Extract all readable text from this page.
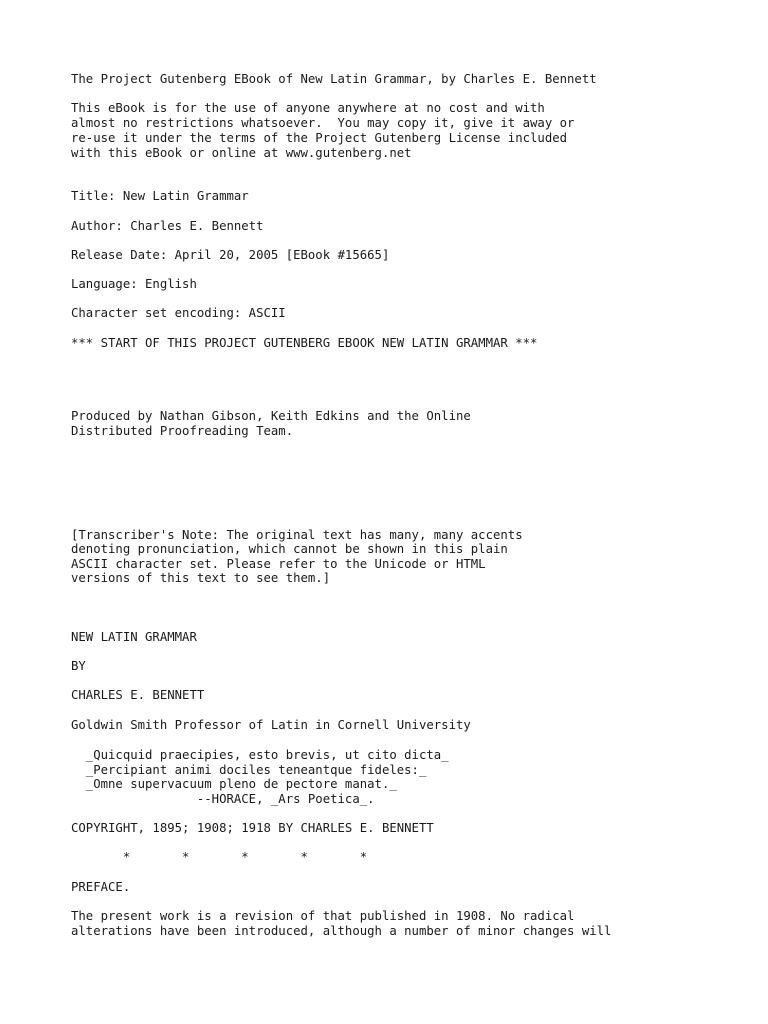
The Project Gutenberg EBook of New Latin Grammar, by Charles E. Bennett
This eBook is for the use of anyone anywhere at no cost and with
almost no restrictions whatsoever.  You may copy it, give it away or
re-use it under the terms of the Project Gutenberg License included
with this eBook or online at www.gutenberg.net
Title: New Latin Grammar
Author: Charles E. Bennett
Release Date: April 20, 2005 [EBook #15665]
Language: English
Character set encoding: ASCII
*** START OF THIS PROJECT GUTENBERG EBOOK NEW LATIN GRAMMAR ***
Produced by Nathan Gibson, Keith Edkins and the Online
Distributed Proofreading Team.
[Transcriber's Note: The original text has many, many accents
denoting pronunciation, which cannot be shown in this plain
ASCII character set. Please refer to the Unicode or HTML
versions of this text to see them.]
NEW LATIN GRAMMAR
BY
CHARLES E. BENNETT
Goldwin Smith Professor of Latin in Cornell University
_Quicquid praecipies, esto brevis, ut cito dicta_
_Percipiant animi dociles teneantque fideles:_
_Omne supervacuum pleno de pectore manat._
--HORACE, _Ars Poetica_.
COPYRIGHT, 1895; 1908; 1918 BY CHARLES E. BENNETT
*       *       *       *       *
PREFACE.
The present work is a revision of that published in 1908. No radical
alterations have been introduced, although a number of minor changes will
